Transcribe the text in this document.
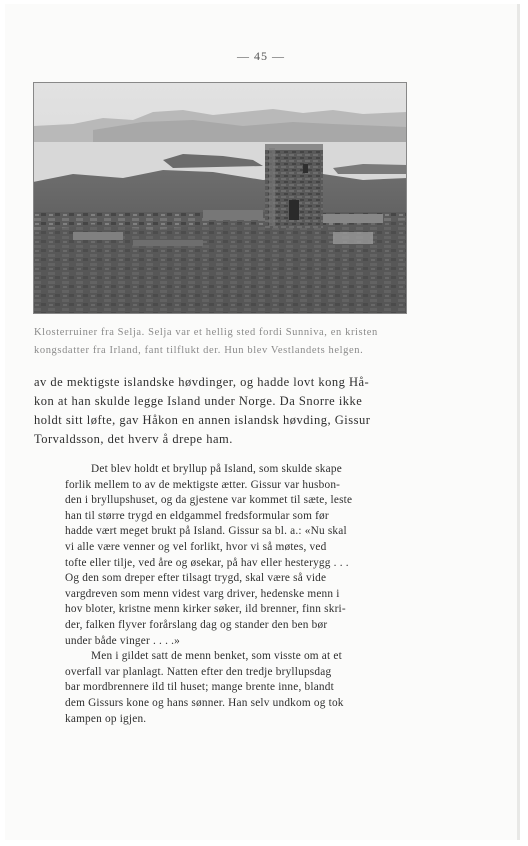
— 45 —
Klosterruiner fra Selja. Selja var et hellig sted fordi Sunniva, en kristen
kongsdatter fra Irland, fant tilflukt der. Hun blev Vestlandets helgen.
av de mektigste islandske høvdinger, og hadde lovt kong Hå-
kon at han skulde legge Island under Norge. Da Snorre ikke
holdt sitt løfte, gav Håkon en annen islandsk høvding, Gissur
Torvaldsson, det hverv å drepe ham.
Det blev holdt et bryllup på Island, som skulde skape
forlik mellem to av de mektigste ætter. Gissur var husbon-
den i bryllupshuset, og da gjestene var kommet til sæte, leste
han til større trygd en eldgammel fredsformular som før
hadde vært meget brukt på Island. Gissur sa bl. a.: «Nu skal
vi alle være venner og vel forlikt, hvor vi så møtes, ved
tofte eller tilje, ved åre og øsekar, på hav eller hesterygg . . .
Og den som dreper efter tilsagt trygd, skal være så vide
vargdreven som menn videst varg driver, hedenske menn i
hov bloter, kristne menn kirker søker, ild brenner, finn skri-
der, falken flyver forårslang dag og stander den ben bør
under både vinger . . . .»
Men i gildet satt de menn benket, som visste om at et
overfall var planlagt. Natten efter den tredje bryllupsdag
bar mordbrennere ild til huset; mange brente inne, blandt
dem Gissurs kone og hans sønner. Han selv undkom og tok
kampen op igjen.
